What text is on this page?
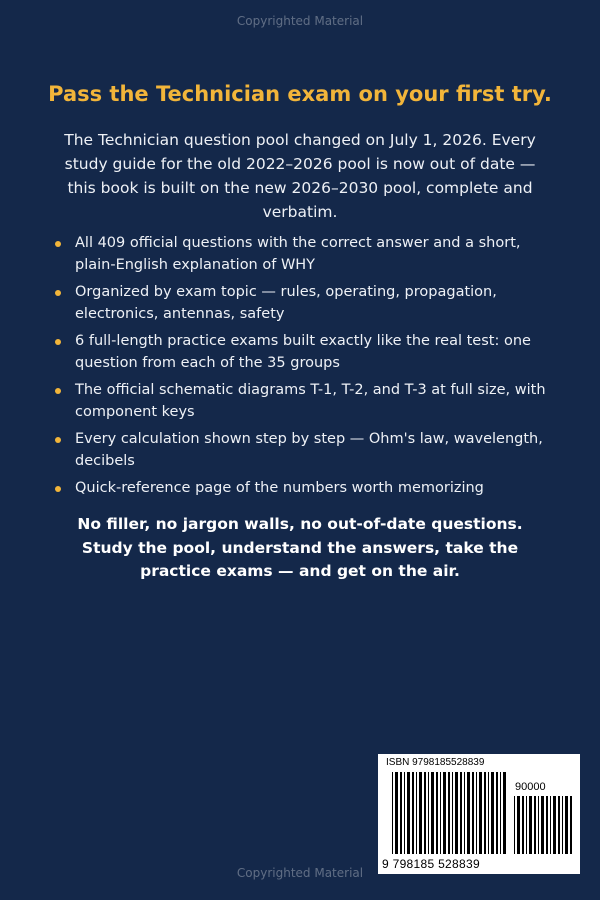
Copyrighted Material
Pass the Technician exam on your first try.

The Technician question pool changed on July 1, 2026. Every study guide for the old 2022–2026 pool is now out of date — this book is built on the new 2026–2030 pool, complete and verbatim.

All 409 official questions with the correct answer and a short, plain-English explanation of WHY
Organized by exam topic — rules, operating, propagation, electronics, antennas, safety
6 full-length practice exams built exactly like the real test: one question from each of the 35 groups
The official schematic diagrams T-1, T-2, and T-3 at full size, with component keys
Every calculation shown step by step — Ohm's law, wavelength, decibels
Quick-reference page of the numbers worth memorizing

No filler, no jargon walls, no out-of-date questions. Study the pool, understand the answers, take the practice exams — and get on the air.

ISBN 9798185528839
90000
9 798185 528839
Copyrighted Material
